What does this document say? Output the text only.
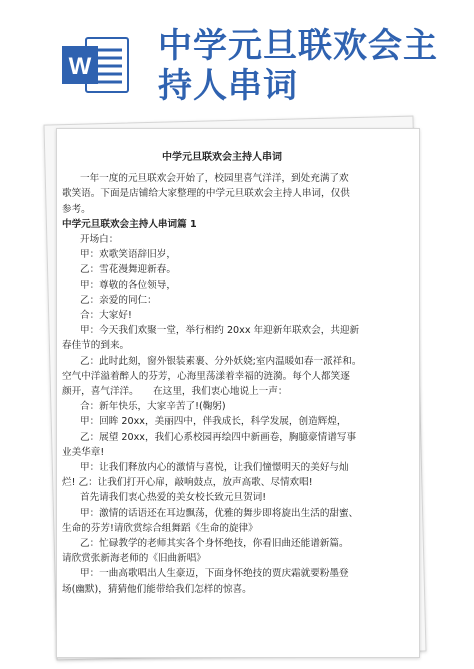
W
中学元旦联欢会主
持人串词
中学元旦联欢会主持人串词
一年一度的元旦联欢会开始了，校园里喜气洋洋，到处充满了欢
歌笑语。下面是店铺给大家整理的中学元旦联欢会主持人串词，仅供
参考。
中学元旦联欢会主持人串词篇 1
开场白：
甲：欢歌笑语辞旧岁，
乙：雪花漫舞迎新春。
甲：尊敬的各位领导，
乙：亲爱的同仁：
合：大家好!
甲：今天我们欢聚一堂，举行相约 20xx 年迎新年联欢会，共迎新
春佳节的到来。
乙：此时此刻，窗外银装素裹、分外妖娆;室内温暖如春一派祥和。
空气中洋溢着醉人的芬芳，心海里荡漾着幸福的涟漪。每个人都笑逐
颜开，喜气洋洋。　　在这里，我们衷心地说上一声：
合：新年快乐，大家辛苦了!(鞠躬)
甲：回眸 20xx，美丽四中，伴我成长，科学发展，创造辉煌，
乙：展望 20xx，我们心系校园再绘四中新画卷，胸臆豪情谱写事
业美华章!
甲：让我们释放内心的激情与喜悦，让我们憧憬明天的美好与灿
烂! 乙：让我们打开心扉，敲响鼓点，放声高歌、尽情欢唱!
首先请我们衷心热爱的美女校长致元旦贺词!
甲：激情的话语还在耳边飘荡，优雅的舞步即将旋出生活的甜蜜、
生命的芬芳!请欣赏综合组舞蹈《生命的旋律》
乙：忙碌教学的老师其实各个身怀绝技，你看旧曲还能谱新篇。
请欣赏张新海老师的《旧曲新唱》
甲：一曲高歌唱出人生豪迈，下面身怀绝技的贾庆霜就要粉墨登
场(幽默)，猜猜他们能带给我们怎样的惊喜。
